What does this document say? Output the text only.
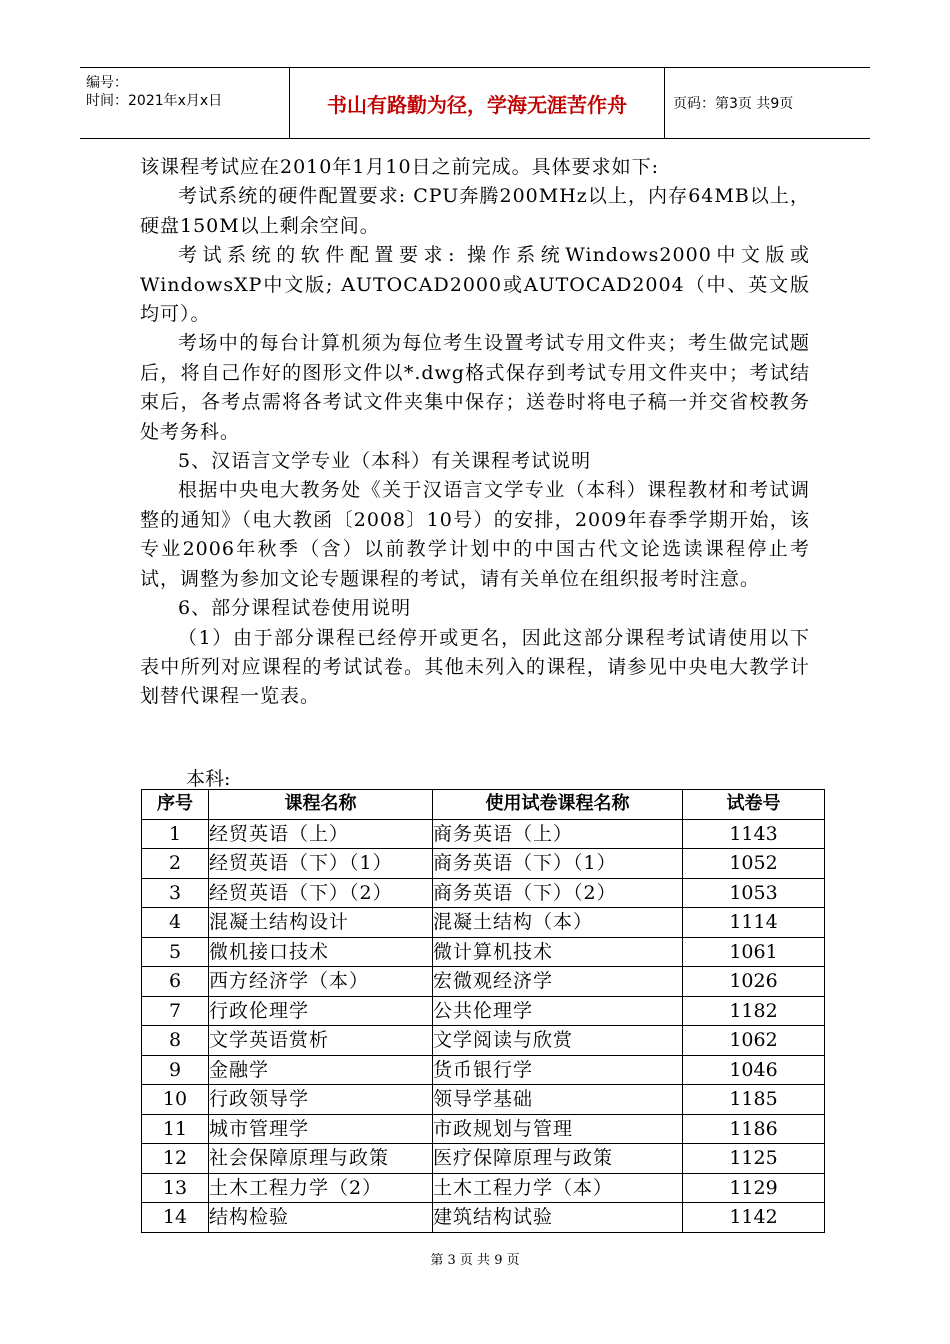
编号：
时间：2021年x月x日	书山有路勤为径，学海无涯苦作舟	页码：第3页 共9页

该课程考试应在2010年1月10日之前完成。具体要求如下:

考试系统的硬件配置要求: CPU奔腾200MHz以上，内存64MB以上，硬盘150M以上剩余空间。

考试系统的软件配置要求: 操作系统Windows2000中文版或WindowsXP中文版; AUTOCAD2000或AUTOCAD2004（中、英文版均可）。

考场中的每台计算机须为每位考生设置考试专用文件夹；考生做完试题后，将自己作好的图形文件以*.dwg格式保存到考试专用文件夹中；考试结束后，各考点需将各考试文件夹集中保存；送卷时将电子稿一并交省校教务处考务科。

5、汉语言文学专业（本科）有关课程考试说明

根据中央电大教务处《关于汉语言文学专业（本科）课程教材和考试调整的通知》（电大教函〔2008〕10号）的安排，2009年春季学期开始，该专业2006年秋季（含）以前教学计划中的中国古代文论选读课程停止考试，调整为参加文论专题课程的考试，请有关单位在组织报考时注意。

6、部分课程试卷使用说明

（1）由于部分课程已经停开或更名，因此这部分课程考试请使用以下表中所列对应课程的考试试卷。其他未列入的课程，请参见中央电大教学计划替代课程一览表。

本科:
序号	课程名称	使用试卷课程名称	试卷号
1	经贸英语（上）	商务英语（上）	1143
2	经贸英语（下）（1）	商务英语（下）（1）	1052
3	经贸英语（下）（2）	商务英语（下）（2）	1053
4	混凝土结构设计	混凝土结构（本）	1114
5	微机接口技术	微计算机技术	1061
6	西方经济学（本）	宏微观经济学	1026
7	行政伦理学	公共伦理学	1182
8	文学英语赏析	文学阅读与欣赏	1062
9	金融学	货币银行学	1046
10	行政领导学	领导学基础	1185
11	城市管理学	市政规划与管理	1186
12	社会保障原理与政策	医疗保障原理与政策	1125
13	土木工程力学（2）	土木工程力学（本）	1129
14	结构检验	建筑结构试验	1142
第 3 页 共 9 页
